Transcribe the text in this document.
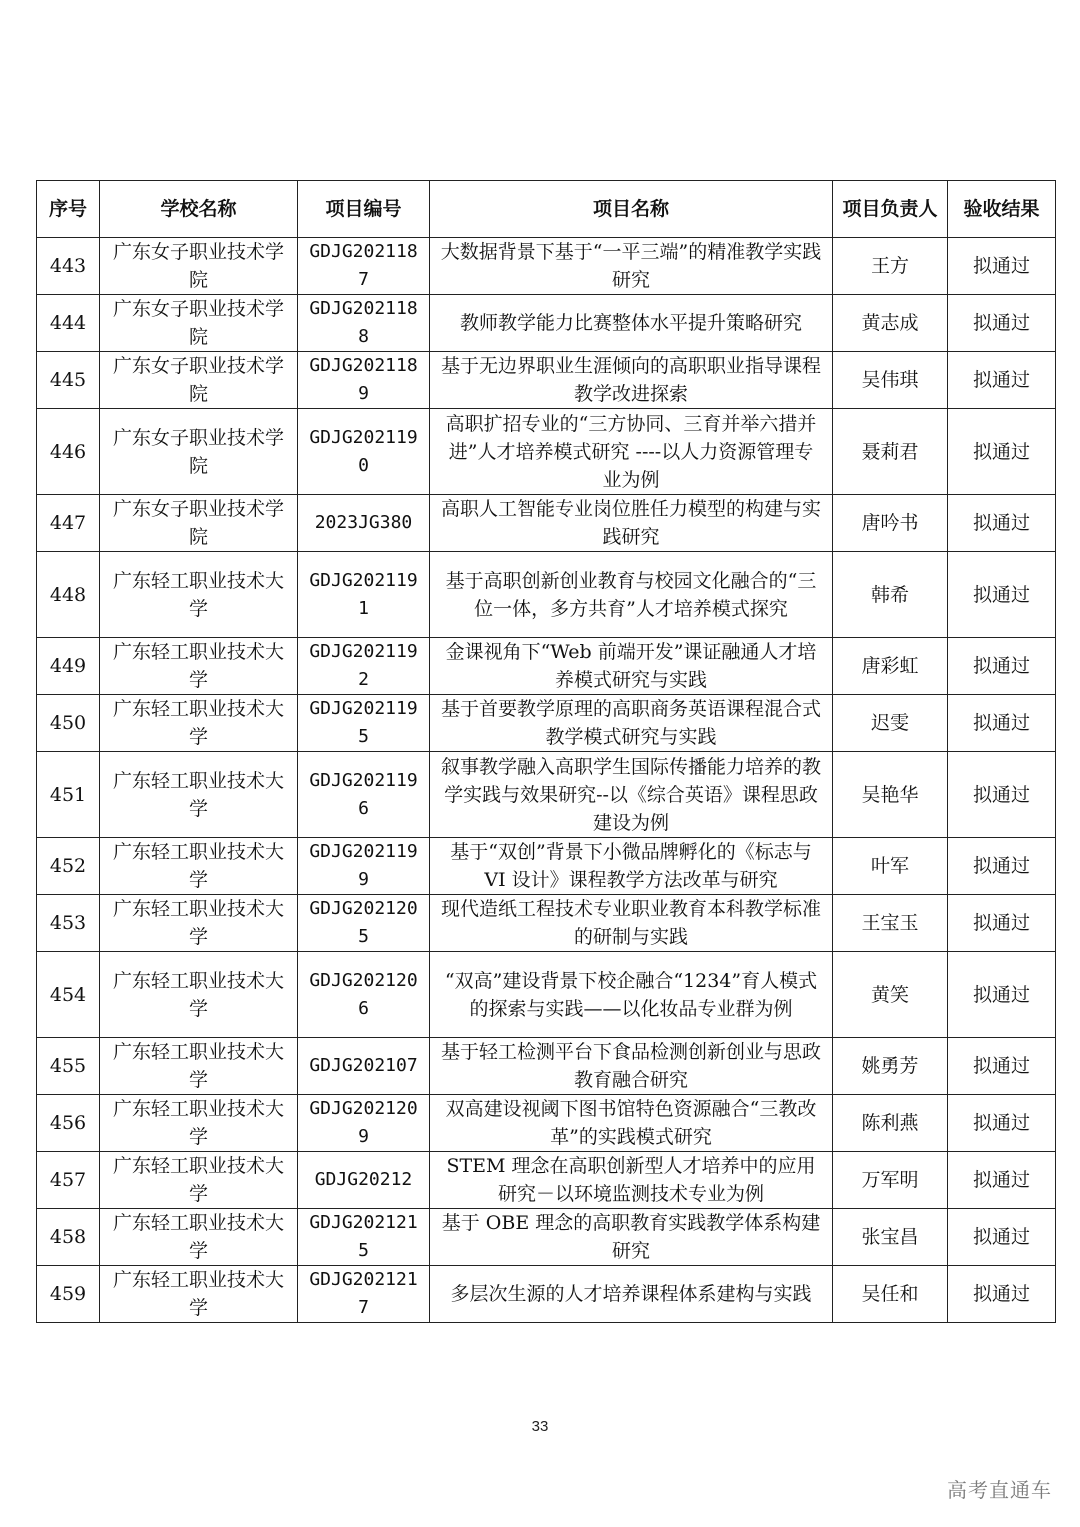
序号	学校名称	项目编号	项目名称	项目负责人	验收结果
443	广东女子职业技术学院	GDJG2021187	大数据背景下基于“一平三端”的精准教学实践研究	王方	拟通过
444	广东女子职业技术学院	GDJG2021188	教师教学能力比赛整体水平提升策略研究	黄志成	拟通过
445	广东女子职业技术学院	GDJG2021189	基于无边界职业生涯倾向的高职职业指导课程教学改进探索	吴伟琪	拟通过
446	广东女子职业技术学院	GDJG2021190	高职扩招专业的“三方协同、三育并举六措并进”人才培养模式研究 ----以人力资源管理专业为例	聂莉君	拟通过
447	广东女子职业技术学院	2023JG380	高职人工智能专业岗位胜任力模型的构建与实践研究	唐吟书	拟通过
448	广东轻工职业技术大学	GDJG2021191	基于高职创新创业教育与校园文化融合的“三位一体，多方共育”人才培养模式探究	韩希	拟通过
449	广东轻工职业技术大学	GDJG2021192	金课视角下“Web 前端开发”课证融通人才培养模式研究与实践	唐彩虹	拟通过
450	广东轻工职业技术大学	GDJG2021195	基于首要教学原理的高职商务英语课程混合式教学模式研究与实践	迟雯	拟通过
451	广东轻工职业技术大学	GDJG2021196	叙事教学融入高职学生国际传播能力培养的教学实践与效果研究--以《综合英语》课程思政建设为例	吴艳华	拟通过
452	广东轻工职业技术大学	GDJG2021199	基于“双创”背景下小微品牌孵化的《标志与 VI 设计》课程教学方法改革与研究	叶军	拟通过
453	广东轻工职业技术大学	GDJG2021205	现代造纸工程技术专业职业教育本科教学标准的研制与实践	王宝玉	拟通过
454	广东轻工职业技术大学	GDJG2021206	“双高”建设背景下校企融合“1234”育人模式的探索与实践——以化妆品专业群为例	黄笑	拟通过
455	广东轻工职业技术大学	GDJG202107	基于轻工检测平台下食品检测创新创业与思政教育融合研究	姚勇芳	拟通过
456	广东轻工职业技术大学	GDJG2021209	双高建设视阈下图书馆特色资源融合“三教改革”的实践模式研究	陈利燕	拟通过
457	广东轻工职业技术大学	GDJG20212	STEM 理念在高职创新型人才培养中的应用研究－以环境监测技术专业为例	万军明	拟通过
458	广东轻工职业技术大学	GDJG2021215	基于 OBE 理念的高职教育实践教学体系构建研究	张宝昌	拟通过
459	广东轻工职业技术大学	GDJG2021217	多层次生源的人才培养课程体系建构与实践	吴任和	拟通过
33
高考直通车
